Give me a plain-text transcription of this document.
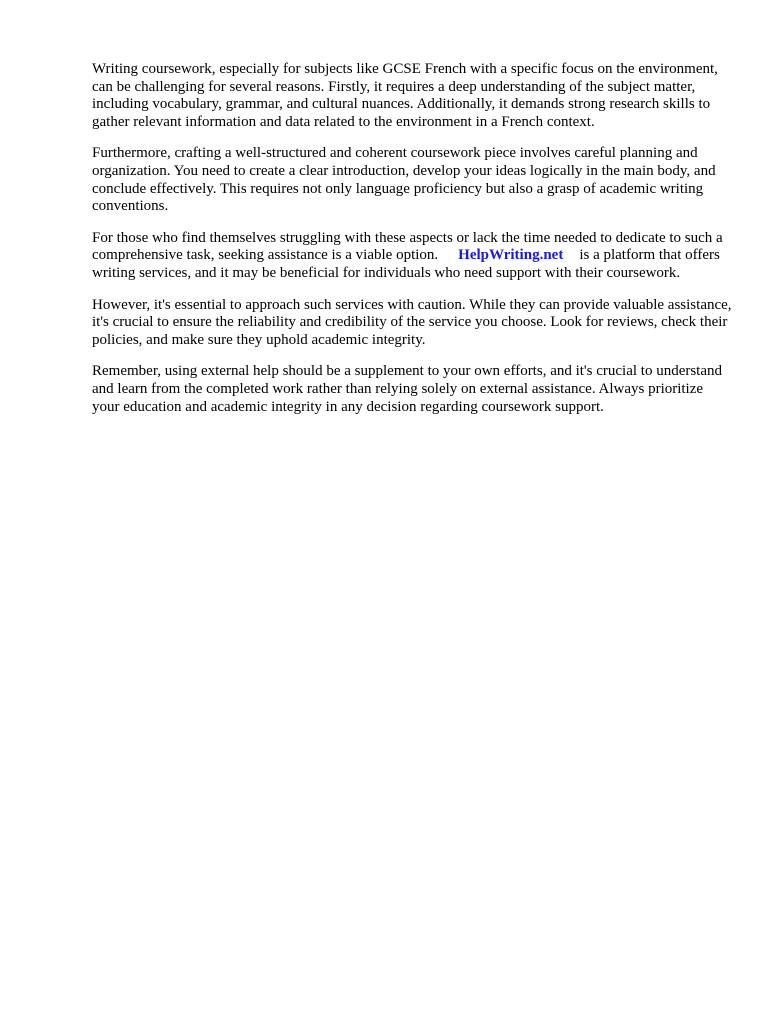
Writing coursework, especially for subjects like GCSE French with a specific focus on the environment, can be challenging for several reasons. Firstly, it requires a deep understanding of the subject matter, including vocabulary, grammar, and cultural nuances. Additionally, it demands strong research skills to gather relevant information and data related to the environment in a French context.

Furthermore, crafting a well-structured and coherent coursework piece involves careful planning and organization. You need to create a clear introduction, develop your ideas logically in the main body, and conclude effectively. This requires not only language proficiency but also a grasp of academic writing conventions.

For those who find themselves struggling with these aspects or lack the time needed to dedicate to such a comprehensive task, seeking assistance is a viable option. HelpWriting.net is a platform that offers writing services, and it may be beneficial for individuals who need support with their coursework.

However, it's essential to approach such services with caution. While they can provide valuable assistance, it's crucial to ensure the reliability and credibility of the service you choose. Look for reviews, check their policies, and make sure they uphold academic integrity.

Remember, using external help should be a supplement to your own efforts, and it's crucial to understand and learn from the completed work rather than relying solely on external assistance. Always prioritize your education and academic integrity in any decision regarding coursework support.
